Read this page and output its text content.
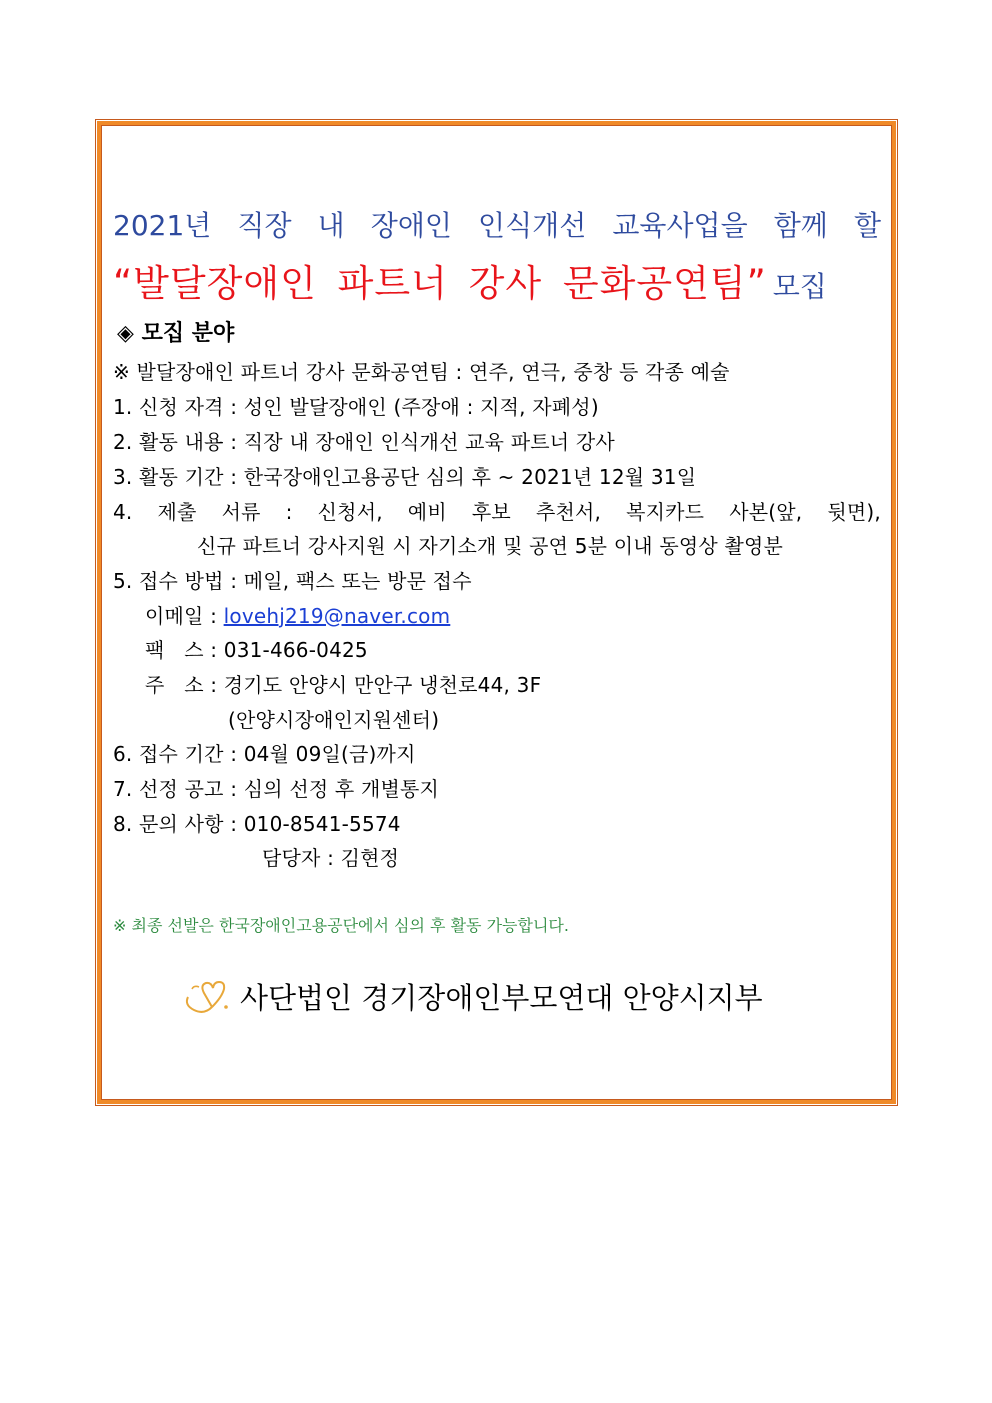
2021년 직장 내 장애인 인식개선 교육사업을 함께 할
“발달장애인 파트너 강사 문화공연팀” 모집
◈ 모집 분야
※ 발달장애인 파트너 강사 문화공연팀 : 연주, 연극, 중창 등 각종 예술
1. 신청 자격 : 성인 발달장애인 (주장애 : 지적, 자폐성)
2. 활동 내용 : 직장 내 장애인 인식개선 교육 파트너 강사
3. 활동 기간 : 한국장애인고용공단 심의 후 ~ 2021년 12월 31일
4. 제출 서류 : 신청서, 예비 후보 추천서, 복지카드 사본(앞, 뒷면),
신규 파트너 강사지원 시 자기소개 및 공연 5분 이내 동영상 촬영분
5. 접수 방법 : 메일, 팩스 또는 방문 접수
이메일 : lovehj219@naver.com
팩   스 : 031-466-0425
주   소 : 경기도 안양시 만안구 냉천로44, 3F
(안양시장애인지원센터)
6. 접수 기간 : 04월 09일(금)까지
7. 선정 공고 : 심의 선정 후 개별통지
8. 문의 사항 : 010-8541-5574
담당자 : 김현정
※ 최종 선발은 한국장애인고용공단에서 심의 후 활동 가능합니다.
사단법인 경기장애인부모연대 안양시지부
